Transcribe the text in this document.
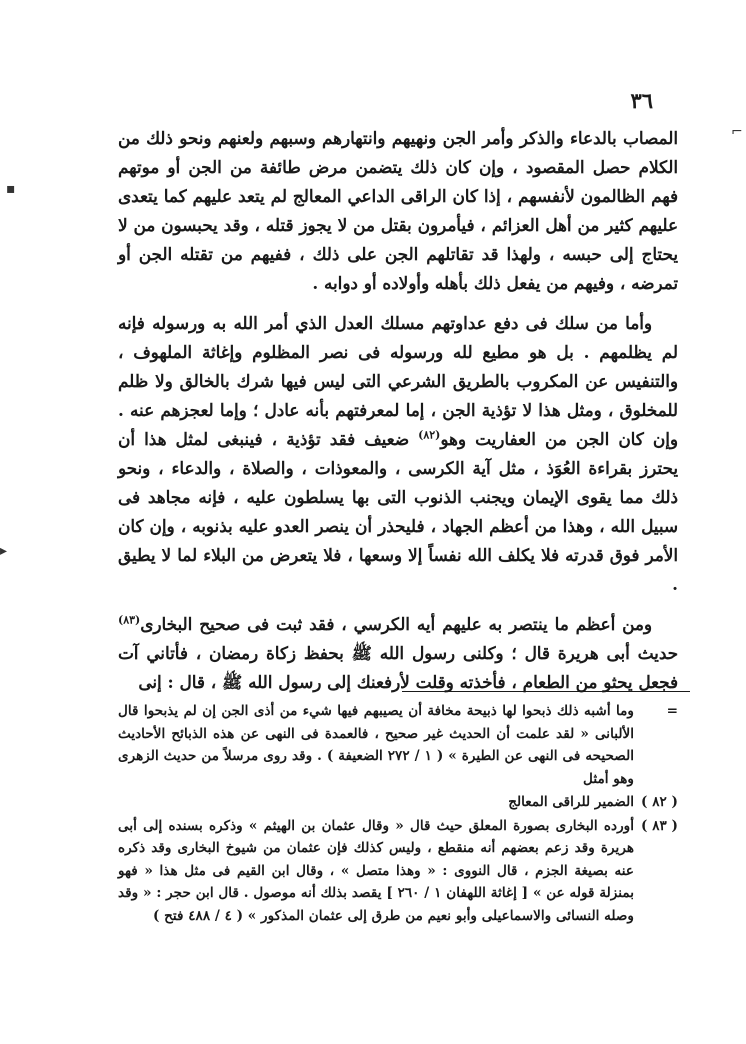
٣٦

المصاب بالدعاء والذكر وأمر الجن ونهيهم وانتهارهم وسبهم ولعنهم ونحو ذلك من الكلام حصل المقصود ، وإن كان ذلك يتضمن مرض طائفة من الجن أو موتهم فهم الظالمون لأنفسهم ، إذا كان الراقى الداعي المعالج لم يتعد عليهم كما يتعدى عليهم كثير من أهل العزائم ، فيأمرون بقتل من لا يجوز قتله ، وقد يحبسون من لا يحتاج إلى حبسه ، ولهذا قد تقاتلهم الجن على ذلك ، ففيهم من تقتله الجن أو تمرضه ، وفيهم من يفعل ذلك بأهله وأولاده أو دوابه .

وأما من سلك فى دفع عداوتهم مسلك العدل الذي أمر الله به ورسوله فإنه لم يظلمهم . بل هو مطيع لله ورسوله فى نصر المظلوم وإغاثة الملهوف ، والتنفيس عن المكروب بالطريق الشرعي التى ليس فيها شرك بالخالق ولا ظلم للمخلوق ، ومثل هذا لا تؤذية الجن ، إما لمعرفتهم بأنه عادل ؛ وإما لعجزهم عنه . وإن كان الجن من العفاريت وهو$^{(٨٢)}$ ضعيف فقد تؤذية ، فينبغى لمثل هذا أن يحترز بقراءة العُوَذ ، مثل آية الكرسى ، والمعوذات ، والصلاة ، والدعاء ، ونحو ذلك مما يقوى الإيمان ويجنب الذنوب التى بها يسلطون عليه ، فإنه مجاهد فى سبيل الله ، وهذا من أعظم الجهاد ، فليحذر أن ينصر العدو عليه بذنوبه ، وإن كان الأمر فوق قدرته فلا يكلف الله نفساً إلا وسعها ، فلا يتعرض من البلاء لما لا يطيق .

ومن أعظم ما ينتصر به عليهم أيه الكرسي ، فقد ثبت فى صحيح البخارى$^{(٨٣)}$ حديث أبى هريرة قال ؛ وكلنى رسول الله ﷺ بحفظ زكاة رمضان ، فأتاني آت فجعل يحثو من الطعام ، فأخذته وقلت لأرفعنك إلى رسول الله ﷺ ، قال : إنى

=
وما أشبه ذلك ذبحوا لها ذبيحة مخافة أن يصيبهم فيها شيء من أذى الجن إن لم يذبحوا قال الألبانى « لقد علمت أن الحديث غير صحيح ، فالعمدة فى النهى عن هذه الذبائح الأحاديث الصحيحه فى النهى عن الطيرة » ( ١ / ٢٧٢ الضعيفة ) . وقد روى مرسلاً من حديث الزهرى وهو أمثل
( ٨٢ )
الضمير للراقى المعالج
( ٨٣ )
أورده البخارى بصورة المعلق حيث قال « وقال عثمان بن الهيثم » وذكره بسنده إلى أبى هريرة وقد زعم بعضهم أنه منقطع ، وليس كذلك فإن عثمان من شيوخ البخارى وقد ذكره عنه بصيغة الجزم ، قال النووى : « وهذا متصل » ، وقال ابن القيم فى مثل هذا « فهو بمنزلة قوله عن » [ إغاثة اللهفان ١ / ٢٦٠ ] يقصد بذلك أنه موصول . قال ابن حجر : « وقد وصله النسائى والاسماعيلى وأبو نعيم من طرق إلى عثمان المذكور » ( ٤ / ٤٨٨ فتح )
⌐
▪
▸
